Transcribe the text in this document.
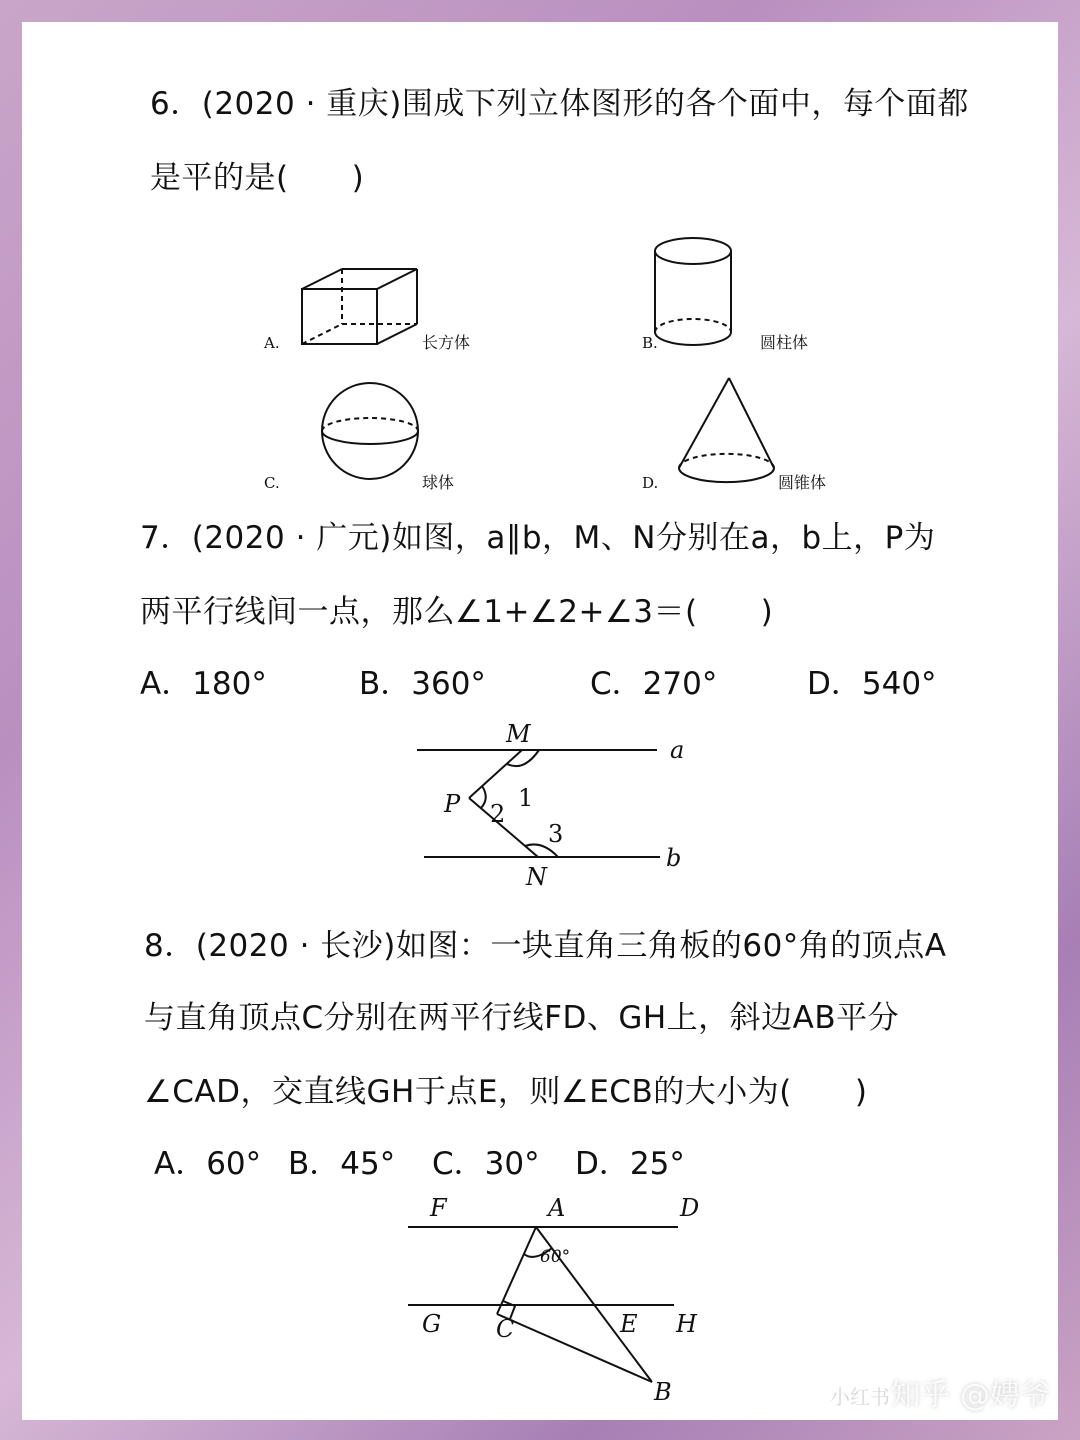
6．(2020 · 重庆)围成下列立体图形的各个面中，每个面都
是平的是(　　)
A.	长方体	B.	圆柱体
C.	球体	D.	圆锥体
7．(2020 · 广元)如图，a∥b，M、N分别在a，b上，P为
两平行线间一点，那么∠1+∠2+∠3＝(　　)
A．180°	B．360°	C．270°	D．540°
M
a
P 2
1
3
b
N
8．(2020 · 长沙)如图：一块直角三角板的60°角的顶点A
与直角顶点C分别在两平行线FD、GH上，斜边AB平分
∠CAD，交直线GH于点E，则∠ECB的大小为(　　)
A．60° B．45° C．30° D．25°
F	A	D
60°
G C	E H
B	小红书 知乎 @娉爷
